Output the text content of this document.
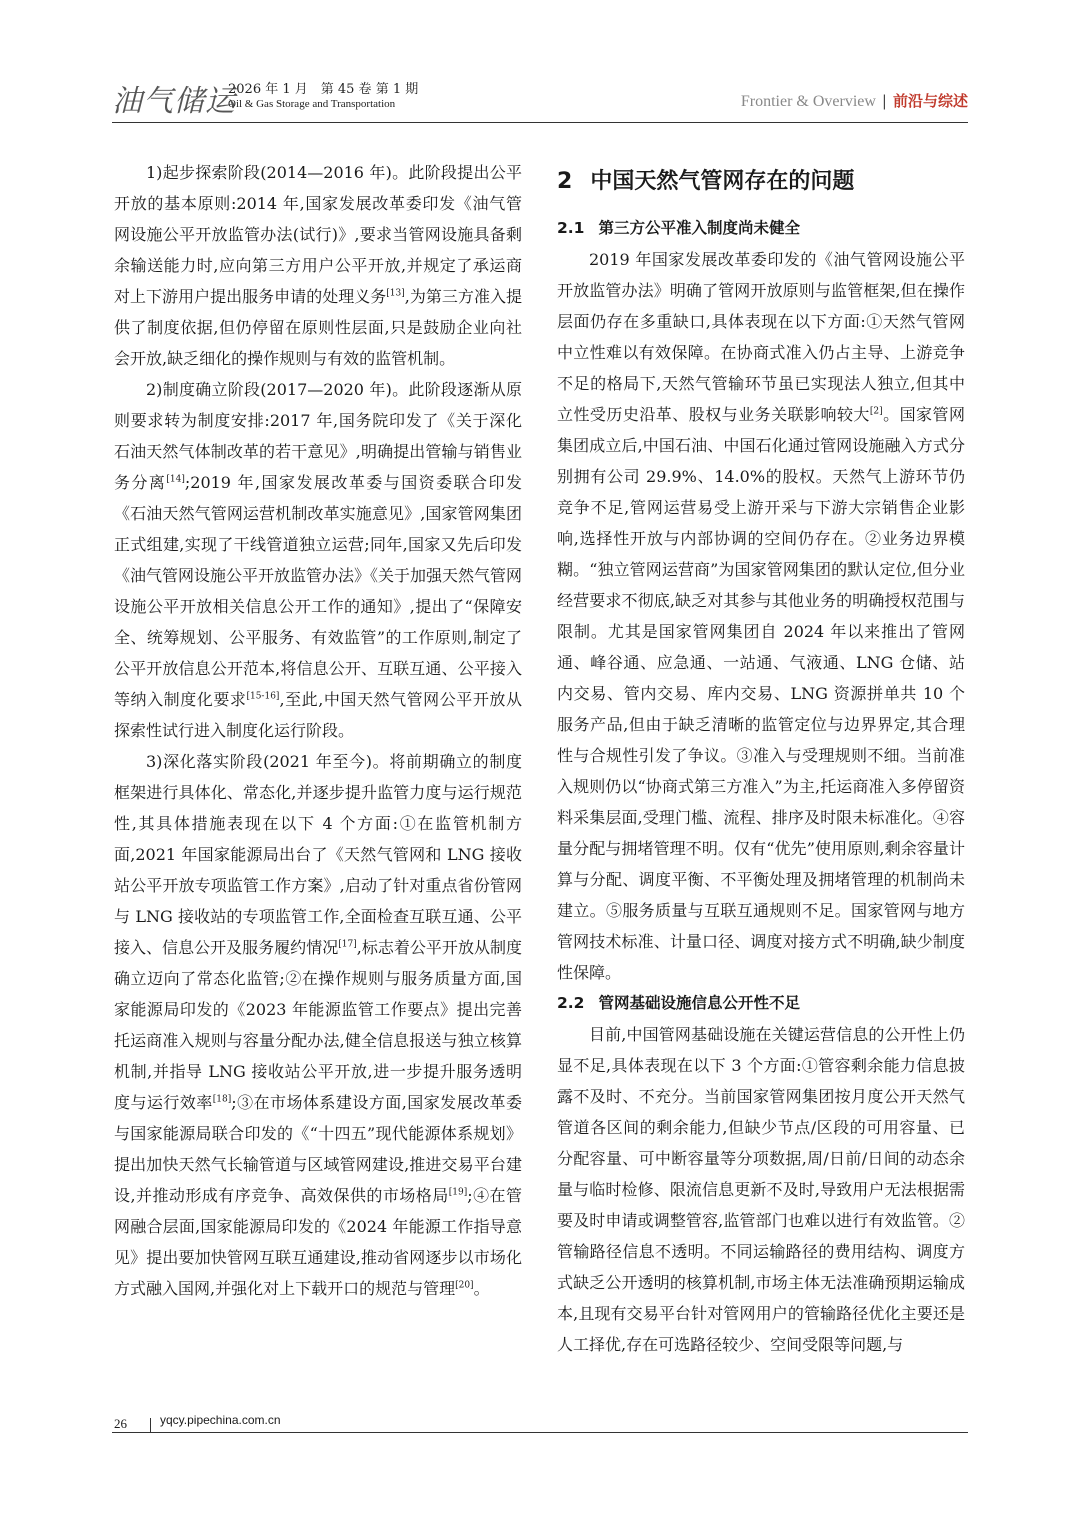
油气储运
2026 年 1 月　第 45 卷 第 1 期
Oil & Gas Storage and Transportation	Frontier & Overview | 前沿与综述

1)起步探索阶段(2014—2016 年)。此阶段提出公平开放的基本原则:2014 年,国家发展改革委印发《油气管网设施公平开放监管办法(试行)》,要求当管网设施具备剩余输送能力时,应向第三方用户公平开放,并规定了承运商对上下游用户提出服务申请的处理义务[13],为第三方准入提供了制度依据,但仍停留在原则性层面,只是鼓励企业向社会开放,缺乏细化的操作规则与有效的监管机制。

2)制度确立阶段(2017—2020 年)。此阶段逐渐从原则要求转为制度安排:2017 年,国务院印发了《关于深化石油天然气体制改革的若干意见》,明确提出管输与销售业务分离[14];2019 年,国家发展改革委与国资委联合印发《石油天然气管网运营机制改革实施意见》,国家管网集团正式组建,实现了干线管道独立运营;同年,国家又先后印发《油气管网设施公平开放监管办法》《关于加强天然气管网设施公平开放相关信息公开工作的通知》,提出了“保障安全、统筹规划、公平服务、有效监管”的工作原则,制定了公平开放信息公开范本,将信息公开、互联互通、公平接入等纳入制度化要求[15-16],至此,中国天然气管网公平开放从探索性试行进入制度化运行阶段。

3)深化落实阶段(2021 年至今)。将前期确立的制度框架进行具体化、常态化,并逐步提升监管力度与运行规范性,其具体措施表现在以下 4 个方面:①在监管机制方面,2021 年国家能源局出台了《天然气管网和 LNG 接收站公平开放专项监管工作方案》,启动了针对重点省份管网与 LNG 接收站的专项监管工作,全面检查互联互通、公平接入、信息公开及服务履约情况[17],标志着公平开放从制度确立迈向了常态化监管;②在操作规则与服务质量方面,国家能源局印发的《2023 年能源监管工作要点》提出完善托运商准入规则与容量分配办法,健全信息报送与独立核算机制,并指导 LNG 接收站公平开放,进一步提升服务透明度与运行效率[18];③在市场体系建设方面,国家发展改革委与国家能源局联合印发的《“十四五”现代能源体系规划》提出加快天然气长输管道与区域管网建设,推进交易平台建设,并推动形成有序竞争、高效保供的市场格局[19];④在管网融合层面,国家能源局印发的《2024 年能源工作指导意见》提出要加快管网互联互通建设,推动省网逐步以市场化方式融入国网,并强化对上下载开口的规范与管理[20]。

2 中国天然气管网存在的问题
2.1 第三方公平准入制度尚未健全

2019 年国家发展改革委印发的《油气管网设施公平开放监管办法》明确了管网开放原则与监管框架,但在操作层面仍存在多重缺口,具体表现在以下方面:①天然气管网中立性难以有效保障。在协商式准入仍占主导、上游竞争不足的格局下,天然气管输环节虽已实现法人独立,但其中立性受历史沿革、股权与业务关联影响较大[2]。国家管网集团成立后,中国石油、中国石化通过管网设施融入方式分别拥有公司 29.9%、14.0%的股权。天然气上游环节仍竞争不足,管网运营易受上游开采与下游大宗销售企业影响,选择性开放与内部协调的空间仍存在。②业务边界模糊。“独立管网运营商”为国家管网集团的默认定位,但分业经营要求不彻底,缺乏对其参与其他业务的明确授权范围与限制。尤其是国家管网集团自 2024 年以来推出了管网通、峰谷通、应急通、一站通、气液通、LNG 仓储、站内交易、管内交易、库内交易、LNG 资源拼单共 10 个服务产品,但由于缺乏清晰的监管定位与边界界定,其合理性与合规性引发了争议。③准入与受理规则不细。当前准入规则仍以“协商式第三方准入”为主,托运商准入多停留资料采集层面,受理门槛、流程、排序及时限未标准化。④容量分配与拥堵管理不明。仅有“优先”使用原则,剩余容量计算与分配、调度平衡、不平衡处理及拥堵管理的机制尚未建立。⑤服务质量与互联互通规则不足。国家管网与地方管网技术标准、计量口径、调度对接方式不明确,缺少制度性保障。

2.2 管网基础设施信息公开性不足

目前,中国管网基础设施在关键运营信息的公开性上仍显不足,具体表现在以下 3 个方面:①管容剩余能力信息披露不及时、不充分。当前国家管网集团按月度公开天然气管道各区间的剩余能力,但缺少节点/区段的可用容量、已分配容量、可中断容量等分项数据,周/日前/日间的动态余量与临时检修、限流信息更新不及时,导致用户无法根据需要及时申请或调整管容,监管部门也难以进行有效监管。②管输路径信息不透明。不同运输路径的费用结构、调度方式缺乏公开透明的核算机制,市场主体无法准确预期运输成本,且现有交易平台针对管网用户的管输路径优化主要还是人工择优,存在可选路径较少、空间受限等问题,与

26	yqcy.pipechina.com.cn
